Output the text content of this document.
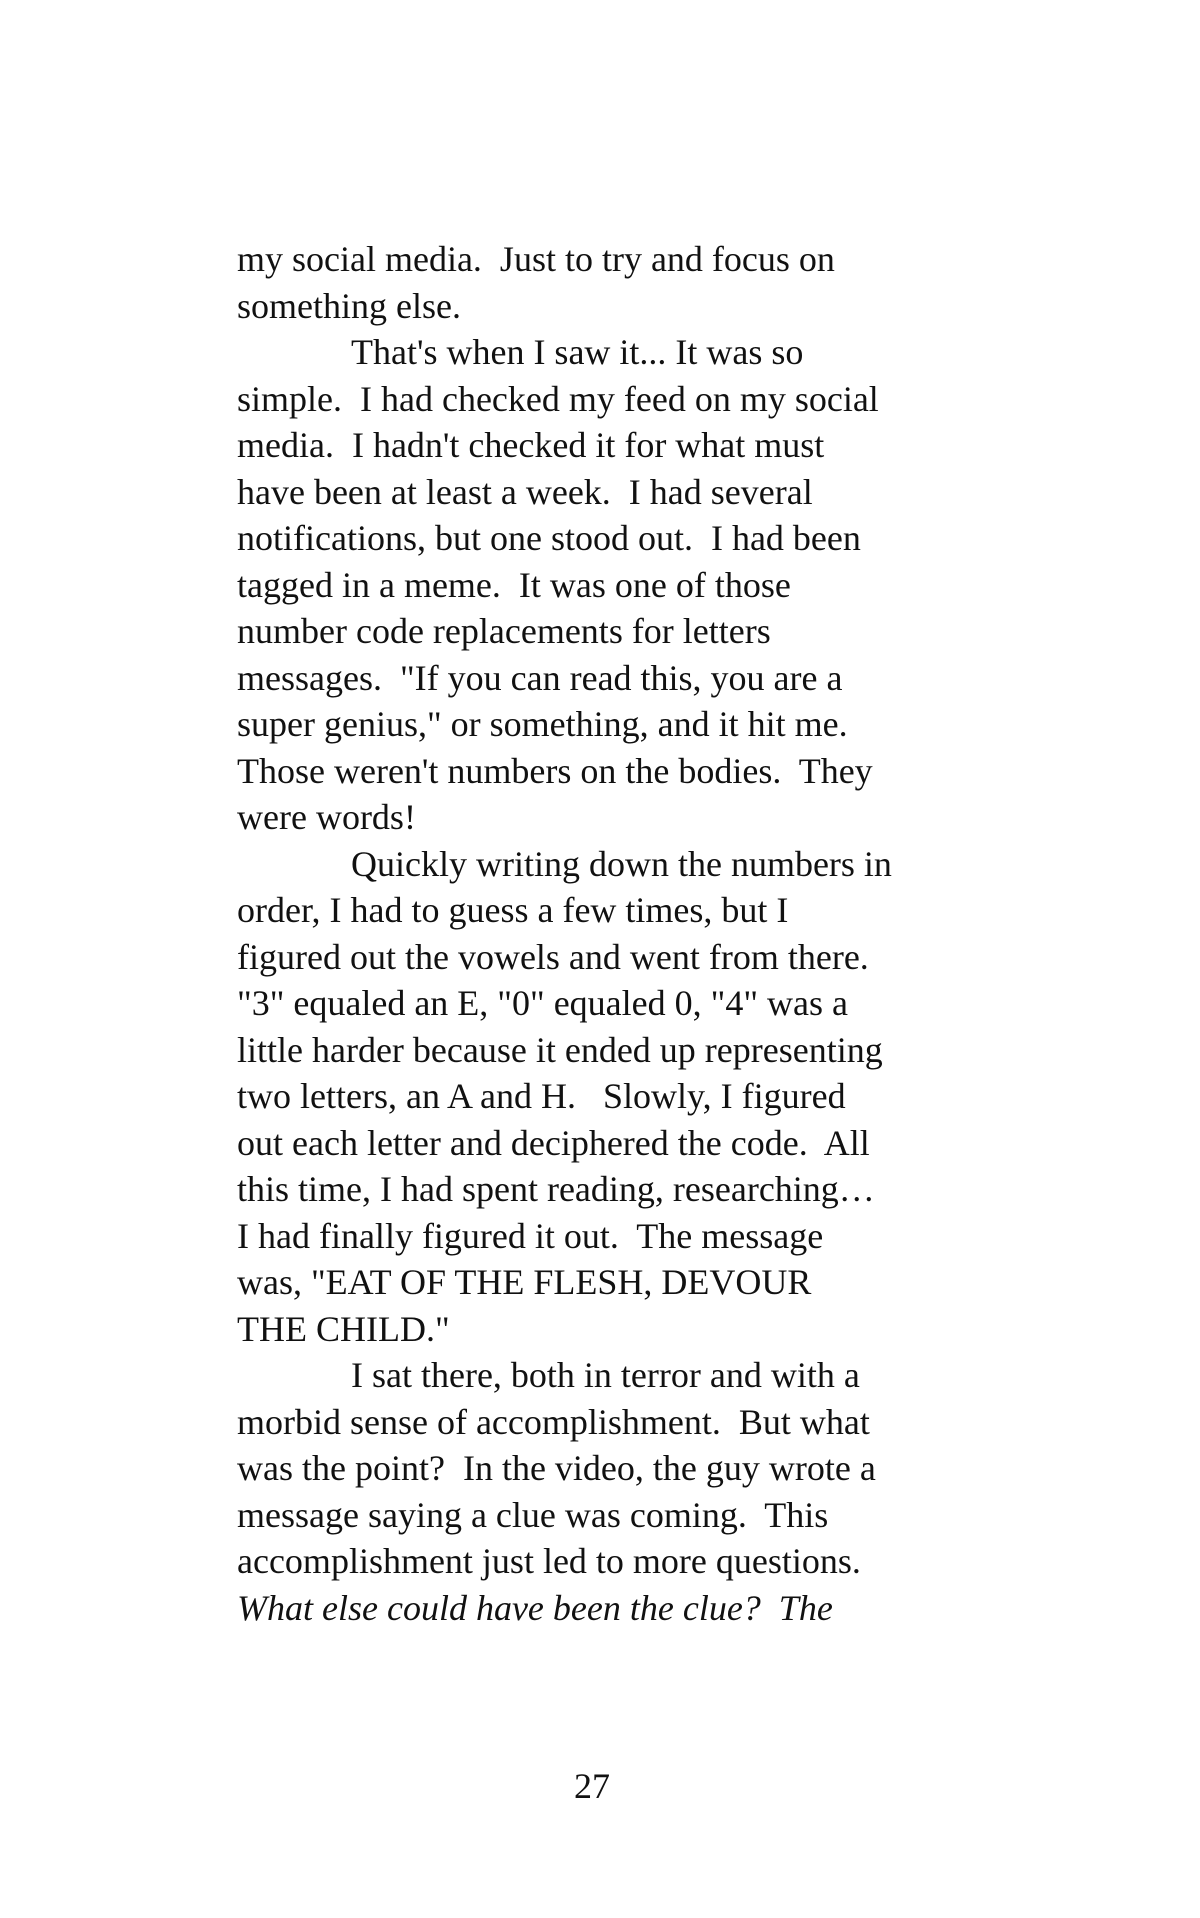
my social media.  Just to try and focus on
something else.
That's when I saw it... It was so
simple.  I had checked my feed on my social
media.  I hadn't checked it for what must
have been at least a week.  I had several
notifications, but one stood out.  I had been
tagged in a meme.  It was one of those
number code replacements for letters
messages.  "If you can read this, you are a
super genius," or something, and it hit me.
Those weren't numbers on the bodies.  They
were words!
Quickly writing down the numbers in
order, I had to guess a few times, but I
figured out the vowels and went from there.
"3" equaled an E, "0" equaled 0, "4" was a
little harder because it ended up representing
two letters, an A and H.   Slowly, I figured
out each letter and deciphered the code.  All
this time, I had spent reading, researching…
I had finally figured it out.  The message
was, "EAT OF THE FLESH, DEVOUR
THE CHILD."
I sat there, both in terror and with a
morbid sense of accomplishment.  But what
was the point?  In the video, the guy wrote a
message saying a clue was coming.  This
accomplishment just led to more questions.
What else could have been the clue?  The
27
